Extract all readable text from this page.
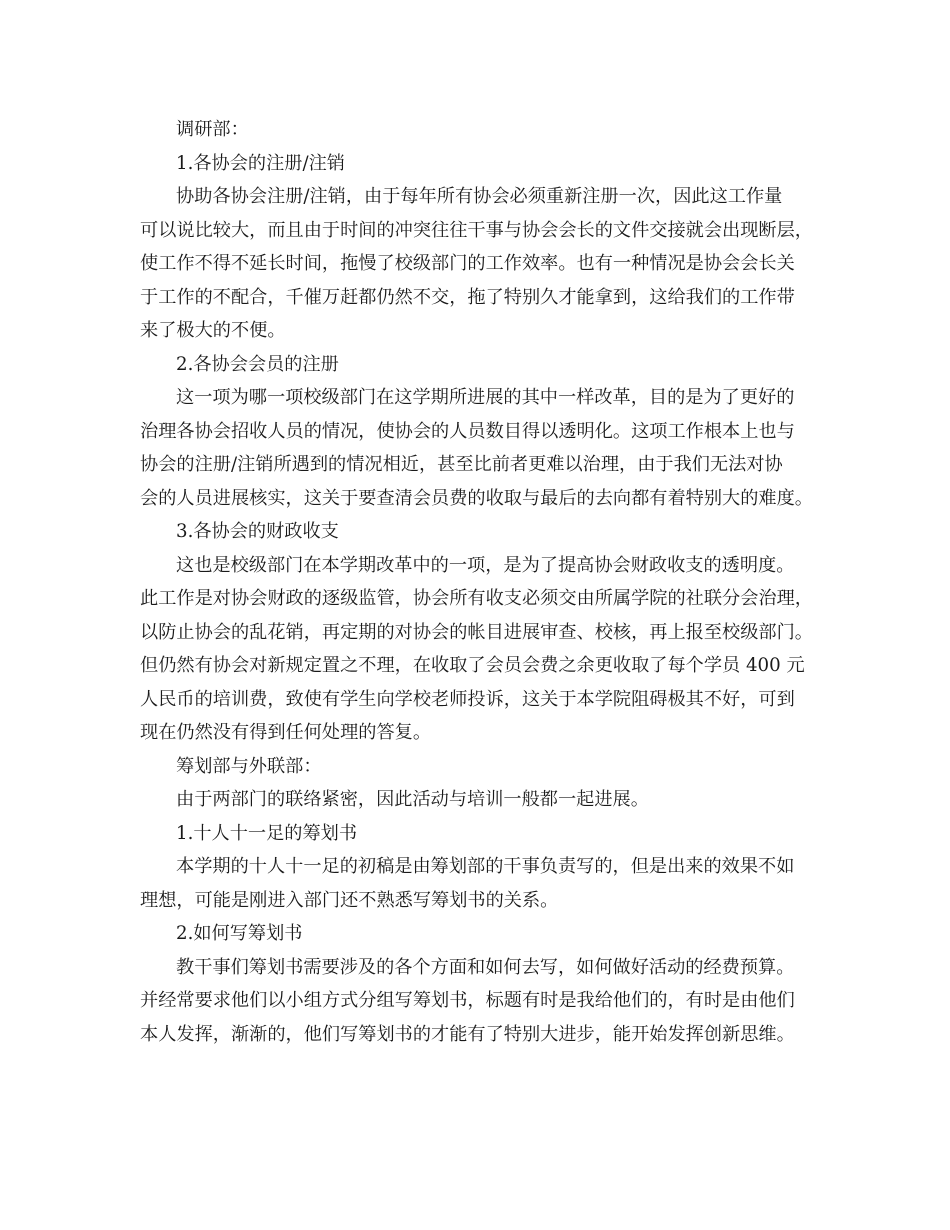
调研部：
1.各协会的注册/注销
协助各协会注册/注销，由于每年所有协会必须重新注册一次，因此这工作量
可以说比较大，而且由于时间的冲突往往干事与协会会长的文件交接就会出现断层，
使工作不得不延长时间，拖慢了校级部门的工作效率。也有一种情况是协会会长关
于工作的不配合，千催万赶都仍然不交，拖了特别久才能拿到，这给我们的工作带
来了极大的不便。
2.各协会会员的注册
这一项为哪一项校级部门在这学期所进展的其中一样改革，目的是为了更好的
治理各协会招收人员的情况，使协会的人员数目得以透明化。这项工作根本上也与
协会的注册/注销所遇到的情况相近，甚至比前者更难以治理，由于我们无法对协
会的人员进展核实，这关于要查清会员费的收取与最后的去向都有着特别大的难度。
3.各协会的财政收支
这也是校级部门在本学期改革中的一项，是为了提高协会财政收支的透明度。
此工作是对协会财政的逐级监管，协会所有收支必须交由所属学院的社联分会治理，
以防止协会的乱花销，再定期的对协会的帐目进展审查、校核，再上报至校级部门。
但仍然有协会对新规定置之不理，在收取了会员会费之余更收取了每个学员 400 元
人民币的培训费，致使有学生向学校老师投诉，这关于本学院阻碍极其不好，可到
现在仍然没有得到任何处理的答复。
筹划部与外联部：
由于两部门的联络紧密，因此活动与培训一般都一起进展。
1.十人十一足的筹划书
本学期的十人十一足的初稿是由筹划部的干事负责写的，但是出来的效果不如
理想，可能是刚进入部门还不熟悉写筹划书的关系。
2.如何写筹划书
教干事们筹划书需要涉及的各个方面和如何去写，如何做好活动的经费预算。
并经常要求他们以小组方式分组写筹划书，标题有时是我给他们的，有时是由他们
本人发挥，渐渐的，他们写筹划书的才能有了特别大进步，能开始发挥创新思维。
